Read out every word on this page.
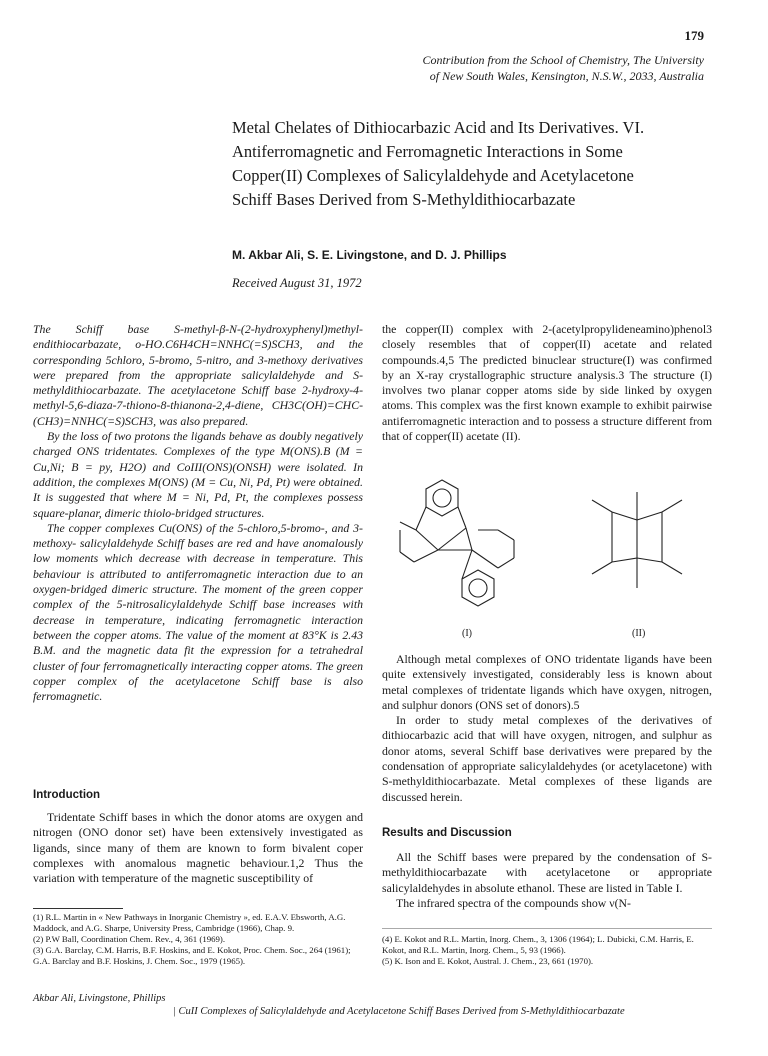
179
Contribution from the School of Chemistry, The University
of New South Wales, Kensington, N.S.W., 2033, Australia
Metal Chelates of Dithiocarbazic Acid and Its Derivatives. VI.
Antiferromagnetic and Ferromagnetic Interactions in Some
Copper(II) Complexes of Salicylaldehyde and Acetylacetone
Schiff Bases Derived from S-Methyldithiocarbazate
M. Akbar Ali, S. E. Livingstone, and D. J. Phillips
Received August 31, 1972

The Schiff base S-methyl-β-N-(2-hydroxyphenyl)methyl-endithiocarbazate, o-HO.C6H4CH=NNHC(=S)SCH3, and the corresponding 5chloro, 5-bromo, 5-nitro, and 3-methoxy derivatives were prepared from the appropriate salicylaldehyde and S-methyldithiocarbazate. The acetylacetone Schiff base 2-hydroxy-4-methyl-5,6-diaza-7-thiono-8-thianona-2,4-diene, CH3C(OH)=CHC-(CH3)=NNHC(=S)SCH3, was also prepared.

By the loss of two protons the ligands behave as doubly negatively charged ONS tridentates. Complexes of the type M(ONS).B (M = Cu,Ni; B = py, H2O) and CoIII(ONS)(ONSH) were isolated. In addition, the complexes M(ONS) (M = Cu, Ni, Pd, Pt) were obtained. It is suggested that where M = Ni, Pd, Pt, the complexes possess square-planar, dimeric thiolo-bridged structures.

The copper complexes Cu(ONS) of the 5-chloro,5-bromo-, and 3-methoxy- salicylaldehyde Schiff bases are red and have anomalously low moments which decrease with decrease in temperature. This behaviour is attributed to antiferromagnetic interaction due to an oxygen-bridged dimeric structure. The moment of the green copper complex of the 5-nitrosalicylaldehyde Schiff base increases with decrease in temperature, indicating ferromagnetic interaction between the copper atoms. The value of the moment at 83°K is 2.43 B.M. and the magnetic data fit the expression for a tetrahedral cluster of four ferromagnetically interacting copper atoms. The green copper complex of the acetylacetone Schiff base is also ferromagnetic.

Introduction

Tridentate Schiff bases in which the donor atoms are oxygen and nitrogen (ONO donor set) have been extensively investigated as ligands, since many of them are known to form bivalent coper complexes with anomalous magnetic behaviour.1,2 Thus the variation with temperature of the magnetic susceptibility of

(1) R.L. Martin in « New Pathways in Inorganic Chemistry », ed. E.A.V. Ebsworth, A.G. Maddock, and A.G. Sharpe, University Press, Cambridge (1966), Chap. 9.
(2) P.W Ball, Coordination Chem. Rev., 4, 361 (1969).
(3) G.A. Barclay, C.M. Harris, B.F. Hoskins, and E. Kokot, Proc. Chem. Soc., 264 (1961); G.A. Barclay and B.F. Hoskins, J. Chem. Soc., 1979 (1965).

the copper(II) complex with 2-(acetylpropylideneamino)phenol3 closely resembles that of copper(II) acetate and related compounds.4,5 The predicted binuclear structure(I) was confirmed by an X-ray crystallographic structure analysis.3 The structure (I) involves two planar copper atoms side by side linked by oxygen atoms. This complex was the first known example to exhibit pairwise antiferromagnetic interaction and to possess a structure different from that of copper(II) acetate (II).

(I)	(II)

Although metal complexes of ONO tridentate ligands have been quite extensively investigated, considerably less is known about metal complexes of tridentate ligands which have oxygen, nitrogen, and sulphur donors (ONS set of donors).5

In order to study metal complexes of the derivatives of dithiocarbazic acid that will have oxygen, nitrogen, and sulphur as donor atoms, several Schiff base derivatives were prepared by the condensation of appropriate salicylaldehydes (or acetylacetone) with S-methyldithiocarbazate. Metal complexes of these ligands are discussed herein.

Results and Discussion

All the Schiff bases were prepared by the condensation of S-methyldithiocarbazate with acetylacetone or appropriate salicylaldehydes in absolute ethanol. These are listed in Table I.

The infrared spectra of the compounds show ν(N-

(4) E. Kokot and R.L. Martin, Inorg. Chem., 3, 1306 (1964); L. Dubicki, C.M. Harris, E. Kokot, and R.L. Martin, Inorg. Chem., 5, 93 (1966).
(5) K. Ison and E. Kokot, Austral. J. Chem., 23, 661 (1970).
Akbar Ali, Livingstone, Phillips
| CuII Complexes of Salicylaldehyde and Acetylacetone Schiff Bases Derived from S-Methyldithiocarbazate
